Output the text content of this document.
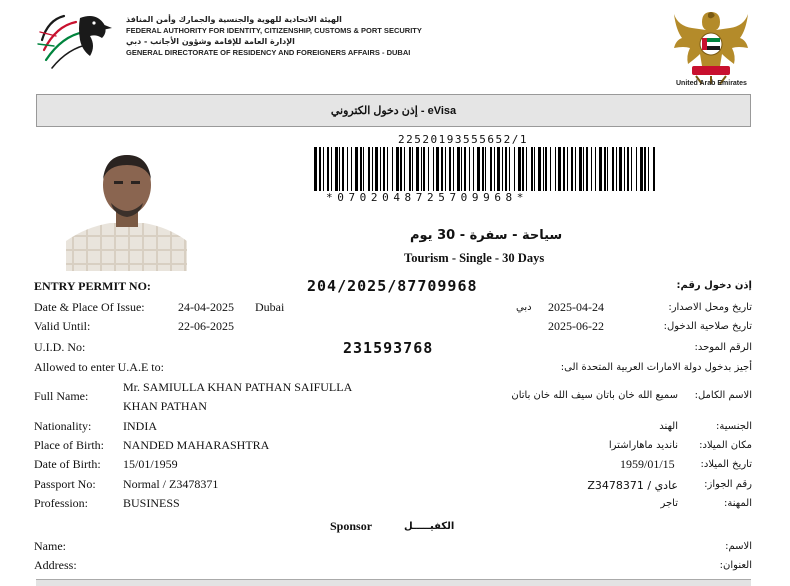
الهيئة الاتحادية للهوية والجنسية والجمارك وأمن المنافذ
FEDERAL AUTHORITY FOR IDENTITY, CITIZENSHIP, CUSTOMS & PORT SECURITY
الإدارة العامة للإقامة وشؤون الأجانب - دبي
GENERAL DIRECTORATE OF RESIDENCY AND FOREIGNERS AFFAIRS - DUBAI
United Arab Emirates
إذن دخول الكتروني - eVisa
22520193555652/1
*0702048725709968*
سياحة - سفرة - 30 يوم
Tourism - Single - 30 Days
ENTRY PERMIT NO:	204/2025/87709968	إذن دخول رقم:
Date & Place Of Issue:	24-04-2025 Dubai	دبي 2025-04-24	تاريخ ومحل الاصدار:
Valid Until:	22-06-2025	2025-06-22	تاريخ صلاحية الدخول:
U.I.D. No:	231593768	الرقم الموحد:
Allowed to enter U.A.E to:	أجيز بدخول دولة الامارات العربية المتحدة الى:
Full Name:
Mr. SAMIULLA KHAN PATHAN SAIFULLA
KHAN PATHAN
سميع الله خان باتان سيف الله خان باتان الاسم الكامل:
Nationality:	INDIA	الهند	الجنسية:
Place of Birth: NANDED MAHARASHTRA	نانديد ماهاراشترا مكان الميلاد:
Date of Birth: 15/01/1959	1959/01/15	تاريخ الميلاد:
Passport No: Normal / Z3478371	عادي / Z3478371	رقم الجواز:
Profession:	BUSINESS	تاجر	المهنة:
Sponsor	الكفيـــــل
Name:	الاسم:
Address:	العنوان:
